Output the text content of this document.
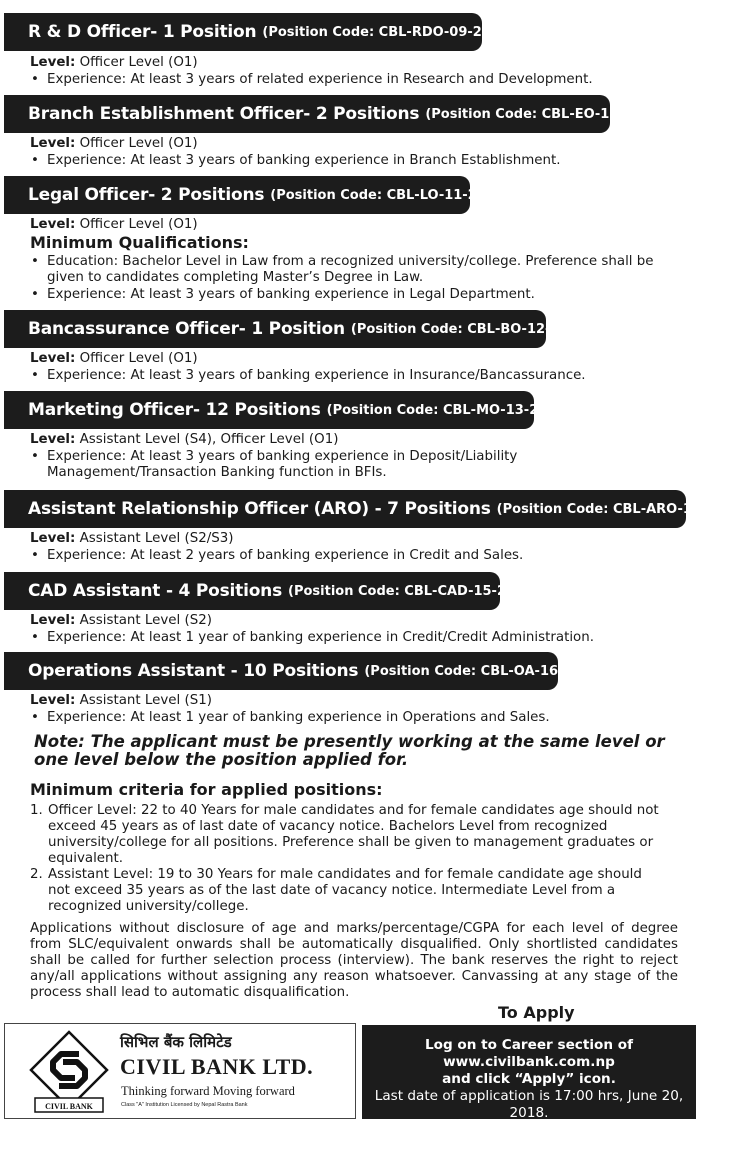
R & D Officer- 1 Position (Position Code: CBL-RDO-09-2018)
Level: Officer Level (O1)
• Experience: At least 3 years of related experience in Research and Development.
Branch Establishment Officer- 2 Positions (Position Code: CBL-EO-10-2018)
Level: Officer Level (O1)
• Experience: At least 3 years of banking experience in Branch Establishment.
Legal Officer- 2 Positions (Position Code: CBL-LO-11-2018)
Level: Officer Level (O1)
Minimum Qualifications:
• Education: Bachelor Level in Law from a recognized university/college. Preference shall be given to candidates completing Master’s Degree in Law.
• Experience: At least 3 years of banking experience in Legal Department.
Bancassurance Officer- 1 Position (Position Code: CBL-BO-12-2018)
Level: Officer Level (O1)
• Experience: At least 3 years of banking experience in Insurance/Bancassurance.
Marketing Officer- 12 Positions (Position Code: CBL-MO-13-2018)
Level: Assistant Level (S4), Officer Level (O1)
• Experience: At least 3 years of banking experience in Deposit/Liability Management/Transaction Banking function in BFIs.
Assistant Relationship Officer (ARO) - 7 Positions (Position Code: CBL-ARO-14-2018)
Level: Assistant Level (S2/S3)
• Experience: At least 2 years of banking experience in Credit and Sales.
CAD Assistant - 4 Positions (Position Code: CBL-CAD-15-2018)
Level: Assistant Level (S2)
• Experience: At least 1 year of banking experience in Credit/Credit Administration.
Operations Assistant - 10 Positions (Position Code: CBL-OA-16-2018)
Level: Assistant Level (S1)
• Experience: At least 1 year of banking experience in Operations and Sales.
Note: The applicant must be presently working at the same level or one level below the position applied for.
Minimum criteria for applied positions:
1. Officer Level: 22 to 40 Years for male candidates and for female candidates age should not exceed 45 years as of last date of vacancy notice. Bachelors Level from recognized university/college for all positions. Preference shall be given to management graduates or equivalent.
2. Assistant Level: 19 to 30 Years for male candidates and for female candidate age should not exceed 35 years as of the last date of vacancy notice. Intermediate Level from a recognized university/college.
Applications without disclosure of age and marks/percentage/CGPA for each level of degree from SLC/equivalent onwards shall be automatically disqualified. Only shortlisted candidates shall be called for further selection process (interview). The bank reserves the right to reject any/all applications without assigning any reason whatsoever. Canvassing at any stage of the process shall lead to automatic disqualification.
To Apply
CIVIL BANK
सिभिल बैंक लिमिटेड
CIVIL BANK LTD.
Thinking forward Moving forward
Class "A" Institution Licensed by Nepal Rastra Bank
Log on to Career section of
www.civilbank.com.np
and click “Apply” icon.
Last date of application is 17:00 hrs, June 20, 2018.
